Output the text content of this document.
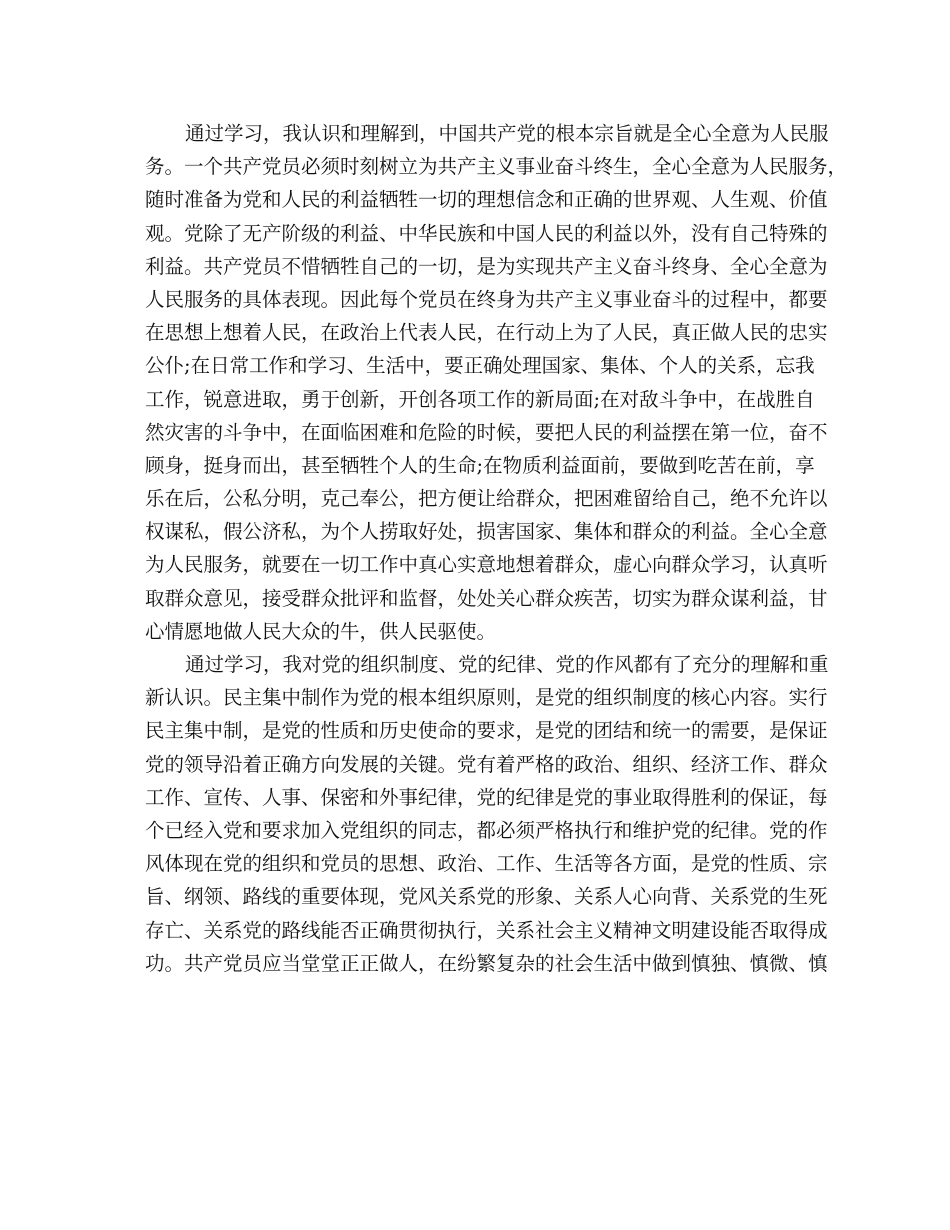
通过学习，我认识和理解到，中国共产党的根本宗旨就是全心全意为人民服
务。一个共产党员必须时刻树立为共产主义事业奋斗终生，全心全意为人民服务，
随时准备为党和人民的利益牺牲一切的理想信念和正确的世界观、人生观、价值
观。党除了无产阶级的利益、中华民族和中国人民的利益以外，没有自己特殊的
利益。共产党员不惜牺牲自己的一切，是为实现共产主义奋斗终身、全心全意为
人民服务的具体表现。因此每个党员在终身为共产主义事业奋斗的过程中，都要
在思想上想着人民，在政治上代表人民，在行动上为了人民，真正做人民的忠实
公仆;在日常工作和学习、生活中，要正确处理国家、集体、个人的关系，忘我
工作，锐意进取，勇于创新，开创各项工作的新局面;在对敌斗争中，在战胜自
然灾害的斗争中，在面临困难和危险的时候，要把人民的利益摆在第一位，奋不
顾身，挺身而出，甚至牺牲个人的生命;在物质利益面前，要做到吃苦在前，享
乐在后，公私分明，克己奉公，把方便让给群众，把困难留给自己，绝不允许以
权谋私，假公济私，为个人捞取好处，损害国家、集体和群众的利益。全心全意
为人民服务，就要在一切工作中真心实意地想着群众，虚心向群众学习，认真听
取群众意见，接受群众批评和监督，处处关心群众疾苦，切实为群众谋利益，甘
心情愿地做人民大众的牛，供人民驱使。
通过学习，我对党的组织制度、党的纪律、党的作风都有了充分的理解和重
新认识。民主集中制作为党的根本组织原则，是党的组织制度的核心内容。实行
民主集中制，是党的性质和历史使命的要求，是党的团结和统一的需要，是保证
党的领导沿着正确方向发展的关键。党有着严格的政治、组织、经济工作、群众
工作、宣传、人事、保密和外事纪律，党的纪律是党的事业取得胜利的保证，每
个已经入党和要求加入党组织的同志，都必须严格执行和维护党的纪律。党的作
风体现在党的组织和党员的思想、政治、工作、生活等各方面，是党的性质、宗
旨、纲领、路线的重要体现，党风关系党的形象、关系人心向背、关系党的生死
存亡、关系党的路线能否正确贯彻执行，关系社会主义精神文明建设能否取得成
功。共产党员应当堂堂正正做人，在纷繁复杂的社会生活中做到慎独、慎微、慎
